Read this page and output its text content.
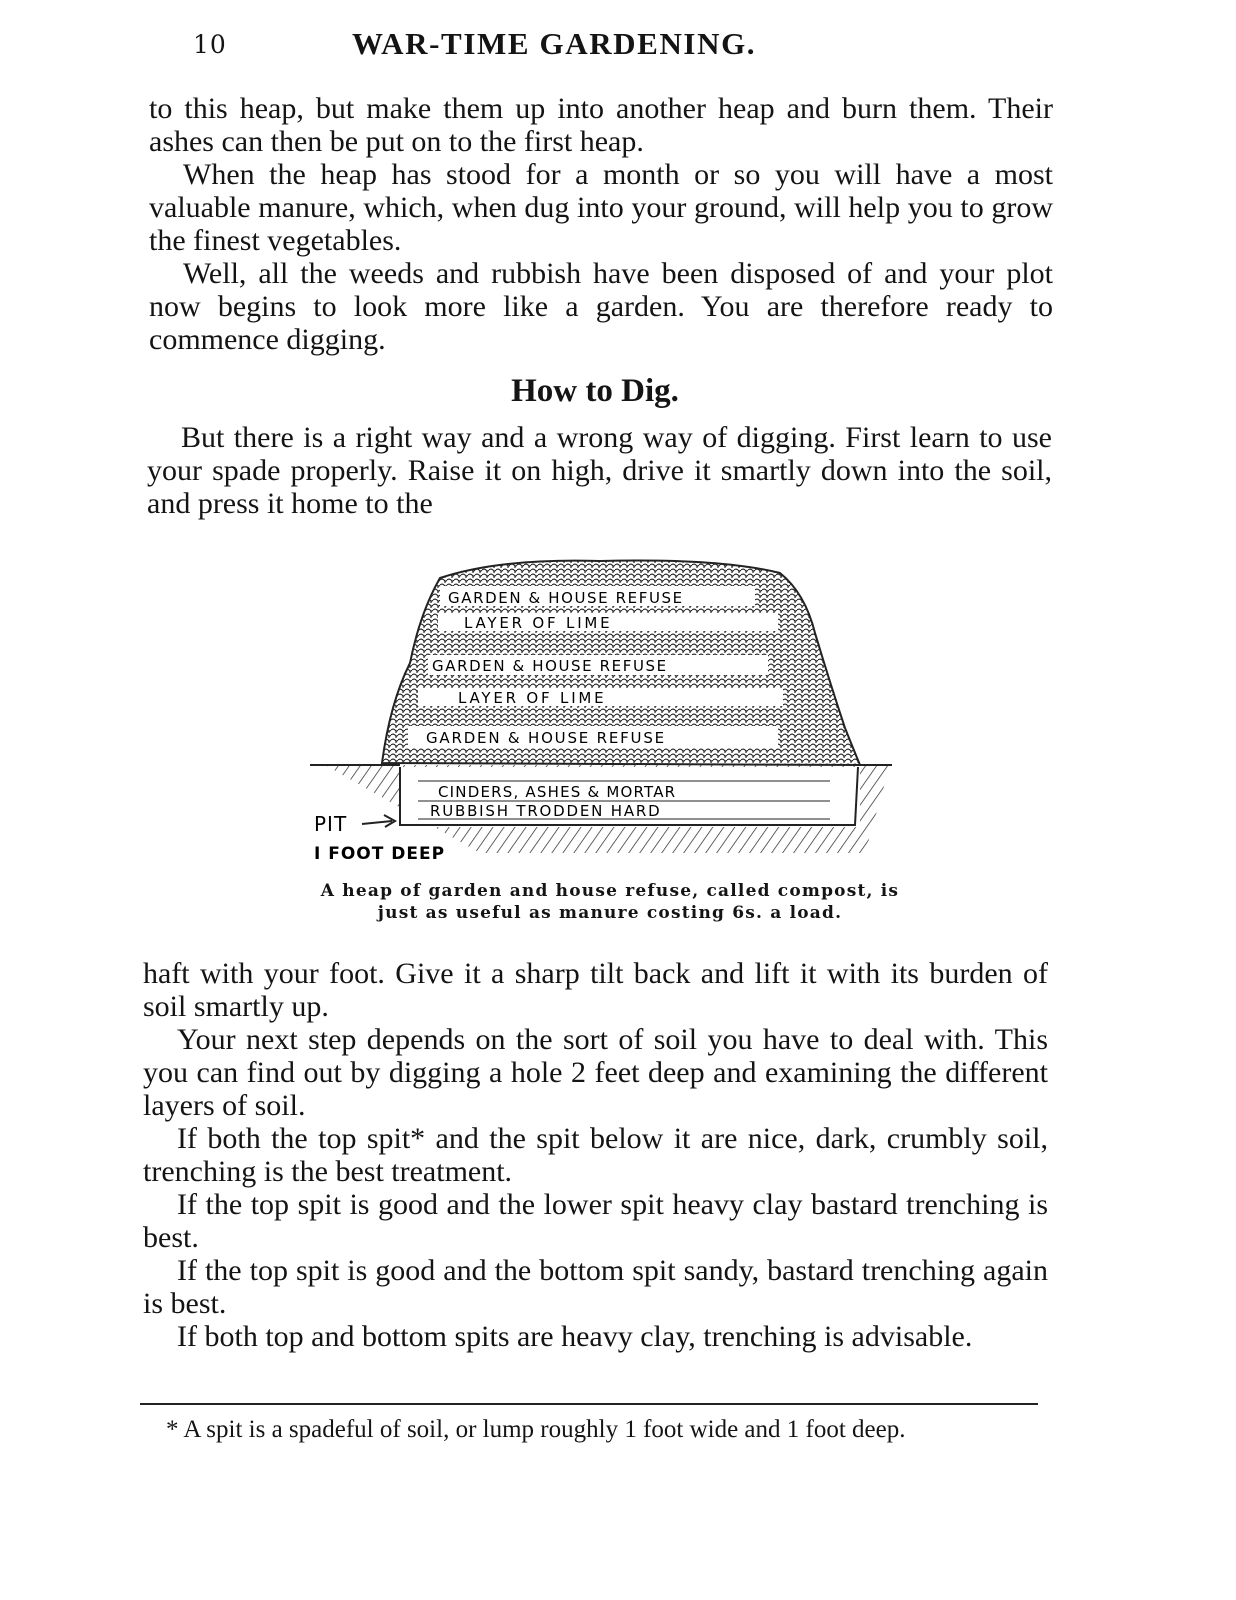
10	WAR-TIME GARDENING.

to this heap, but make them up into another heap and burn them. Their ashes can then be put on to the first heap.

When the heap has stood for a month or so you will have a most valuable manure, which, when dug into your ground, will help you to grow the finest vegetables.

Well, all the weeds and rubbish have been disposed of and your plot now begins to look more like a garden. You are therefore ready to commence digging.

How to Dig.

But there is a right way and a wrong way of digging. First learn to use your spade properly. Raise it on high, drive it smartly down into the soil, and press it home to the

GARDEN & HOUSE REFUSE
LAYER OF LIME
GARDEN & HOUSE REFUSE
LAYER OF LIME
GARDEN & HOUSE REFUSE
CINDERS, ASHES & MORTAR
RUBBISH TRODDEN HARD
PIT
I FOOT DEEP
A heap of garden and house refuse, called compost, is
just as useful as manure costing 6s. a load.

haft with your foot. Give it a sharp tilt back and lift it with its burden of soil smartly up.

Your next step depends on the sort of soil you have to deal with. This you can find out by digging a hole 2 feet deep and examining the different layers of soil.

If both the top spit* and the spit below it are nice, dark, crumbly soil, trenching is the best treatment.

If the top spit is good and the lower spit heavy clay bastard trenching is best.

If the top spit is good and the bottom spit sandy, bastard trenching again is best.

If both top and bottom spits are heavy clay, trenching is advisable.

* A spit is a spadeful of soil, or lump roughly 1 foot wide and 1 foot deep.
